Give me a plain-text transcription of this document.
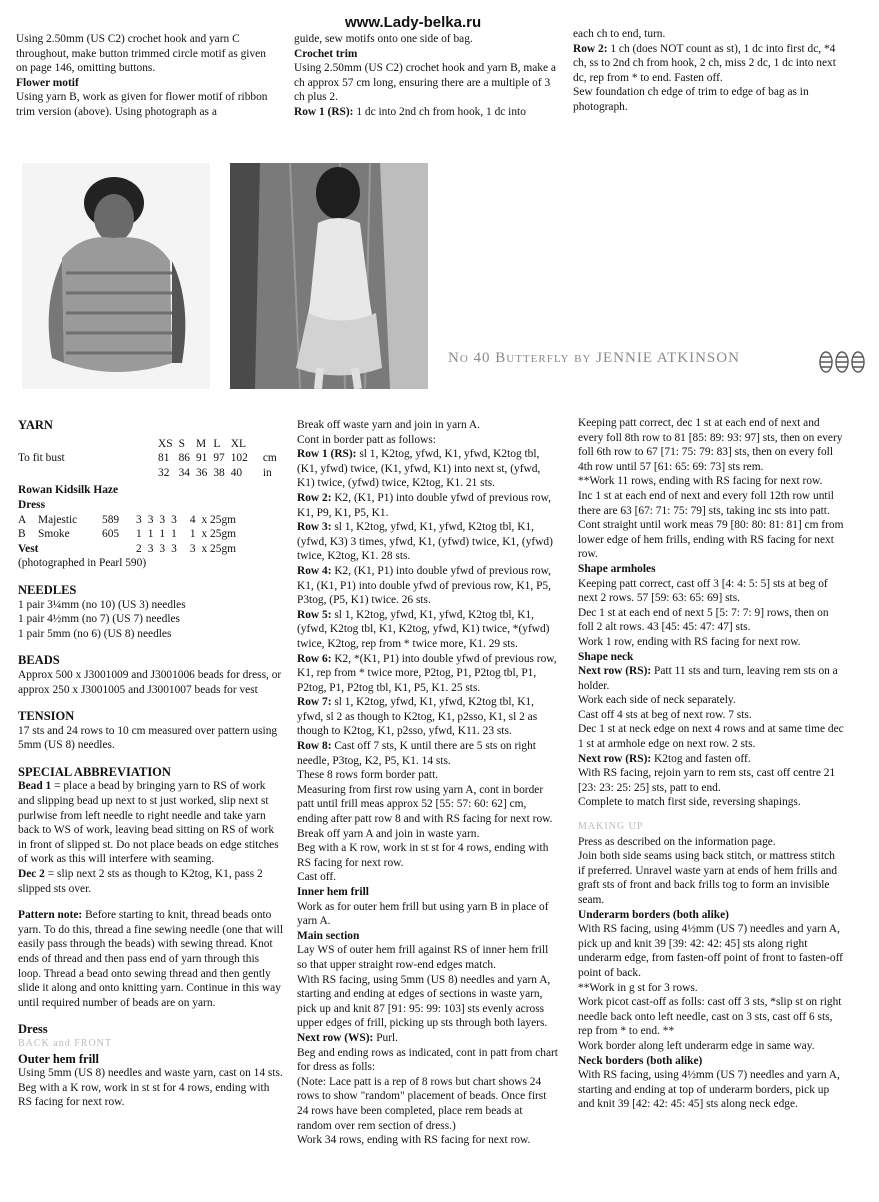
www.Lady-belka.ru

Using 2.50mm (US C2) crochet hook and yarn C throughout, make button trimmed circle motif as given on page 146, omitting buttons.

Flower motif

Using yarn B, work as given for flower motif of ribbon trim version (above). Using photograph as a

guide, sew motifs onto one side of bag.

Crochet trim

Using 2.50mm (US C2) crochet hook and yarn B, make a ch approx 57 cm long, ensuring there are a multiple of 3 ch plus 2.

Row 1 (RS): 1 dc into 2nd ch from hook, 1 dc into

each ch to end, turn.

Row 2: 1 ch (does NOT count as st), 1 dc into first dc, *4 ch, ss to 2nd ch from hook, 2 ch, miss 2 dc, 1 dc into next dc, rep from * to end. Fasten off.

Sew foundation ch edge of trim to edge of bag as in photograph.

No 40 Butterfly by JENNIE ATKINSON

YARN

		XS	S	M	L	XL	
To fit bust		81	86	91	97	102	cm
		32	34	36	38	40	in

Rowan Kidsilk Haze

Dress

A	Majestic	589	3	3	3	3	4	x 25gm
B	Smoke	605	1	1	1	1	1	x 25gm
Vest			2	3	3	3	3	x 25gm

(photographed in Pearl 590)

NEEDLES

1 pair 3¼mm (no 10) (US 3) needles

1 pair 4½mm (no 7) (US 7) needles

1 pair 5mm (no 6) (US 8) needles

BEADS

Approx 500 x J3001009 and J3001006 beads for dress, or approx 250 x J3001005 and J3001007 beads for vest

TENSION

17 sts and 24 rows to 10 cm measured over pattern using 5mm (US 8) needles.

SPECIAL ABBREVIATION

Bead 1 = place a bead by bringing yarn to RS of work and slipping bead up next to st just worked, slip next st purlwise from left needle to right needle and take yarn back to WS of work, leaving bead sitting on RS of work in front of slipped st. Do not place beads on edge stitches of work as this will interfere with seaming.

Dec 2 = slip next 2 sts as though to K2tog, K1, pass 2 slipped sts over.

Pattern note: Before starting to knit, thread beads onto yarn. To do this, thread a fine sewing needle (one that will easily pass through the beads) with sewing thread. Knot ends of thread and then pass end of yarn through this loop. Thread a bead onto sewing thread and then gently slide it along and onto knitting yarn. Continue in this way until required number of beads are on yarn.

Dress

BACK and FRONT

Outer hem frill

Using 5mm (US 8) needles and waste yarn, cast on 14 sts.

Beg with a K row, work in st st for 4 rows, ending with RS facing for next row.

Break off waste yarn and join in yarn A.

Cont in border patt as follows:

Row 1 (RS): sl 1, K2tog, yfwd, K1, yfwd, K2tog tbl, (K1, yfwd) twice, (K1, yfwd, K1) into next st, (yfwd, K1) twice, (yfwd) twice, K2tog, K1. 21 sts.

Row 2: K2, (K1, P1) into double yfwd of previous row, K1, P9, K1, P5, K1.

Row 3: sl 1, K2tog, yfwd, K1, yfwd, K2tog tbl, K1, (yfwd, K3) 3 times, yfwd, K1, (yfwd) twice, K1, (yfwd) twice, K2tog, K1. 28 sts.

Row 4: K2, (K1, P1) into double yfwd of previous row, K1, (K1, P1) into double yfwd of previous row, K1, P5, P3tog, (P5, K1) twice. 26 sts.

Row 5: sl 1, K2tog, yfwd, K1, yfwd, K2tog tbl, K1, (yfwd, K2tog tbl, K1, K2tog, yfwd, K1) twice, *(yfwd) twice, K2tog, rep from * twice more, K1. 29 sts.

Row 6: K2, *(K1, P1) into double yfwd of previous row, K1, rep from * twice more, P2tog, P1, P2tog tbl, P1, P2tog, P1, P2tog tbl, K1, P5, K1. 25 sts.

Row 7: sl 1, K2tog, yfwd, K1, yfwd, K2tog tbl, K1, yfwd, sl 2 as though to K2tog, K1, p2sso, K1, sl 2 as though to K2tog, K1, p2sso, yfwd, K11. 23 sts.

Row 8: Cast off 7 sts, K until there are 5 sts on right needle, P3tog, K2, P5, K1. 14 sts.

These 8 rows form border patt.

Measuring from first row using yarn A, cont in border patt until frill meas approx 52 [55: 57: 60: 62] cm, ending after patt row 8 and with RS facing for next row.

Break off yarn A and join in waste yarn.

Beg with a K row, work in st st for 4 rows, ending with RS facing for next row.

Cast off.

Inner hem frill

Work as for outer hem frill but using yarn B in place of yarn A.

Main section

Lay WS of outer hem frill against RS of inner hem frill so that upper straight row-end edges match.

With RS facing, using 5mm (US 8) needles and yarn A, starting and ending at edges of sections in waste yarn, pick up and knit 87 [91: 95: 99: 103] sts evenly across upper edges of frill, picking up sts through both layers.

Next row (WS): Purl.

Beg and ending rows as indicated, cont in patt from chart for dress as folls:

(Note: Lace patt is a rep of 8 rows but chart shows 24 rows to show "random" placement of beads. Once first 24 rows have been completed, place rem beads at random over rem section of dress.)

Work 34 rows, ending with RS facing for next row.

Keeping patt correct, dec 1 st at each end of next and every foll 8th row to 81 [85: 89: 93: 97] sts, then on every foll 6th row to 67 [71: 75: 79: 83] sts, then on every foll 4th row until 57 [61: 65: 69: 73] sts rem.

**Work 11 rows, ending with RS facing for next row.

Inc 1 st at each end of next and every foll 12th row until there are 63 [67: 71: 75: 79] sts, taking inc sts into patt.

Cont straight until work meas 79 [80: 80: 81: 81] cm from lower edge of hem frills, ending with RS facing for next row.

Shape armholes

Keeping patt correct, cast off 3 [4: 4: 5: 5] sts at beg of next 2 rows. 57 [59: 63: 65: 69] sts.

Dec 1 st at each end of next 5 [5: 7: 7: 9] rows, then on foll 2 alt rows. 43 [45: 45: 47: 47] sts.

Work 1 row, ending with RS facing for next row.

Shape neck

Next row (RS): Patt 11 sts and turn, leaving rem sts on a holder.

Work each side of neck separately.

Cast off 4 sts at beg of next row. 7 sts.

Dec 1 st at neck edge on next 4 rows and at same time dec 1 st at armhole edge on next row. 2 sts.

Next row (RS): K2tog and fasten off.

With RS facing, rejoin yarn to rem sts, cast off centre 21 [23: 23: 25: 25] sts, patt to end.

Complete to match first side, reversing shapings.

MAKING UP

Press as described on the information page.

Join both side seams using back stitch, or mattress stitch if preferred. Unravel waste yarn at ends of hem frills and graft sts of front and back frills tog to form an invisible seam.

Underarm borders (both alike)

With RS facing, using 4½mm (US 7) needles and yarn A, pick up and knit 39 [39: 42: 42: 45] sts along right underarm edge, from fasten-off point of front to fasten-off point of back.

**Work in g st for 3 rows.

Work picot cast-off as folls: cast off 3 sts, *slip st on right needle back onto left needle, cast on 3 sts, cast off 6 sts, rep from * to end. **

Work border along left underarm edge in same way.

Neck borders (both alike)

With RS facing, using 4½mm (US 7) needles and yarn A, starting and ending at top of underarm borders, pick up and knit 39 [42: 42: 45: 45] sts along neck edge.
